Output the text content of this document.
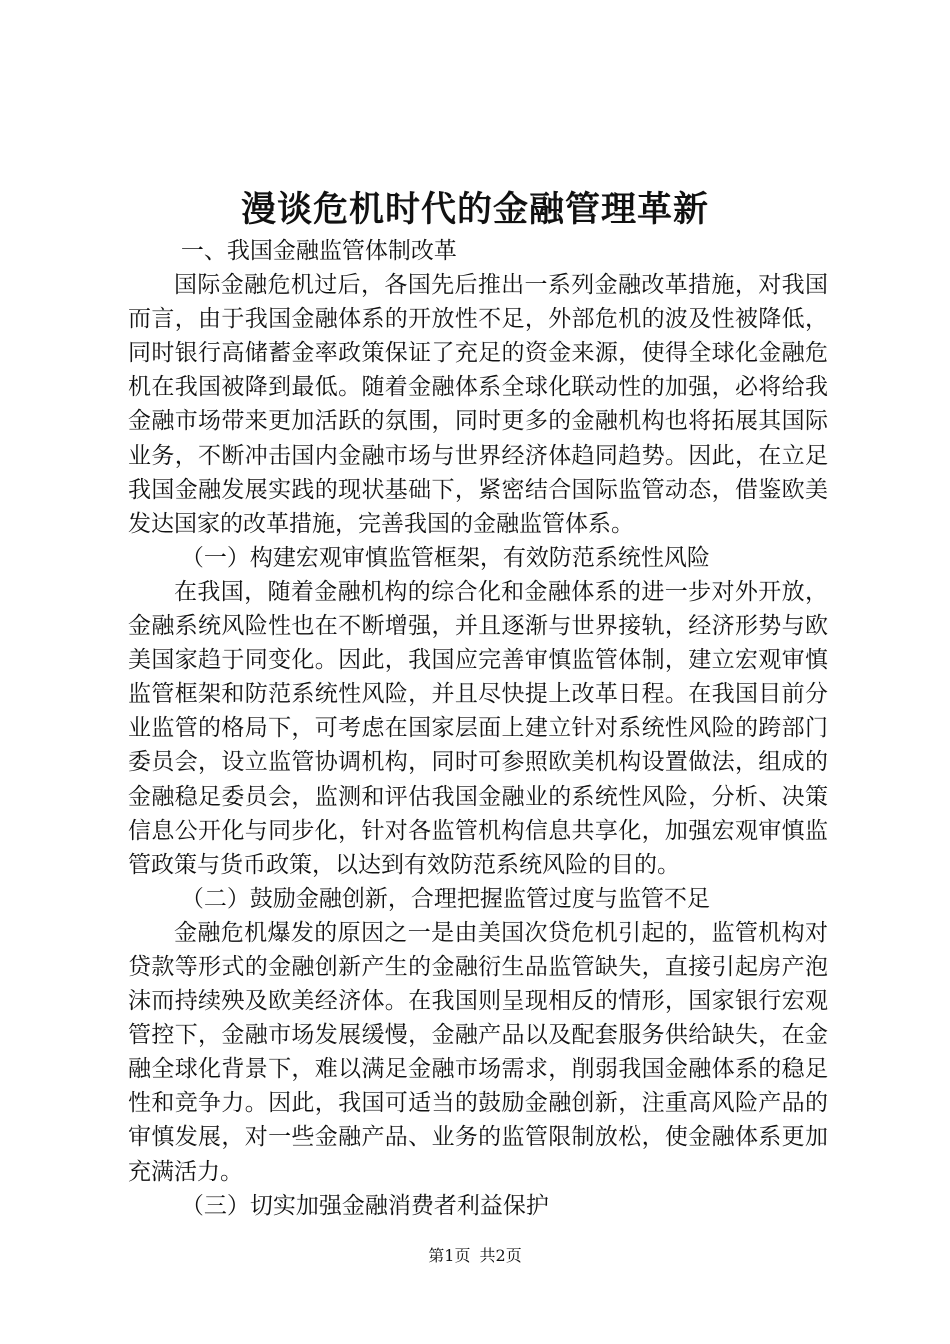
漫谈危机时代的金融管理革新

一、我国金融监管体制改革

国际金融危机过后，各国先后推出一系列金融改革措施，对我国而言，由于我国金融体系的开放性不足，外部危机的波及性被降低，同时银行高储蓄金率政策保证了充足的资金来源，使得全球化金融危机在我国被降到最低。随着金融体系全球化联动性的加强，必将给我金融市场带来更加活跃的氛围，同时更多的金融机构也将拓展其国际业务，不断冲击国内金融市场与世界经济体趋同趋势。因此，在立足我国金融发展实践的现状基础下，紧密结合国际监管动态，借鉴欧美发达国家的改革措施，完善我国的金融监管体系。

（一）构建宏观审慎监管框架，有效防范系统性风险

在我国，随着金融机构的综合化和金融体系的进一步对外开放，金融系统风险性也在不断增强，并且逐渐与世界接轨，经济形势与欧美国家趋于同变化。因此，我国应完善审慎监管体制，建立宏观审慎监管框架和防范系统性风险，并且尽快提上改革日程。在我国目前分业监管的格局下，可考虑在国家层面上建立针对系统性风险的跨部门委员会，设立监管协调机构，同时可参照欧美机构设置做法，组成的金融稳足委员会，监测和评估我国金融业的系统性风险，分析、决策信息公开化与同步化，针对各监管机构信息共享化，加强宏观审慎监管政策与货币政策，以达到有效防范系统风险的目的。

（二）鼓励金融创新，合理把握监管过度与监管不足

金融危机爆发的原因之一是由美国次贷危机引起的，监管机构对贷款等形式的金融创新产生的金融衍生品监管缺失，直接引起房产泡沫而持续殃及欧美经济体。在我国则呈现相反的情形，国家银行宏观管控下，金融市场发展缓慢，金融产品以及配套服务供给缺失，在金融全球化背景下，难以满足金融市场需求，削弱我国金融体系的稳足性和竞争力。因此，我国可适当的鼓励金融创新，注重高风险产品的审慎发展，对一些金融产品、业务的监管限制放松，使金融体系更加充满活力。

（三）切实加强金融消费者利益保护

第1页 共2页
